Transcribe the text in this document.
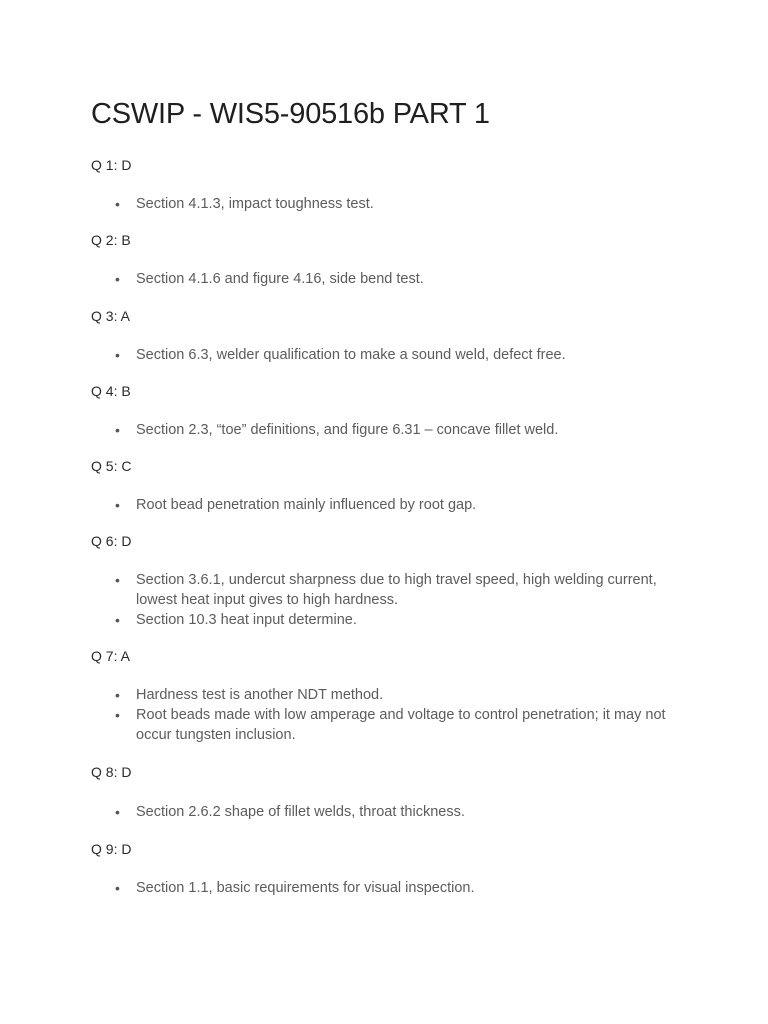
CSWIP - WIS5-90516b PART 1

Q 1: D

• Section 4.1.3, impact toughness test.

Q 2: B

• Section 4.1.6 and figure 4.16, side bend test.

Q 3: A

• Section 6.3, welder qualification to make a sound weld, defect free.

Q 4: B

• Section 2.3, “toe” definitions, and figure 6.31 – concave fillet weld.

Q 5: C

• Root bead penetration mainly influenced by root gap.

Q 6: D

• Section 3.6.1, undercut sharpness due to high travel speed, high welding current, lowest heat input gives to high hardness.
• Section 10.3 heat input determine.

Q 7: A

• Hardness test is another NDT method.
• Root beads made with low amperage and voltage to control penetration; it may not occur tungsten inclusion.

Q 8: D

• Section 2.6.2 shape of fillet welds, throat thickness.

Q 9: D

• Section 1.1, basic requirements for visual inspection.
